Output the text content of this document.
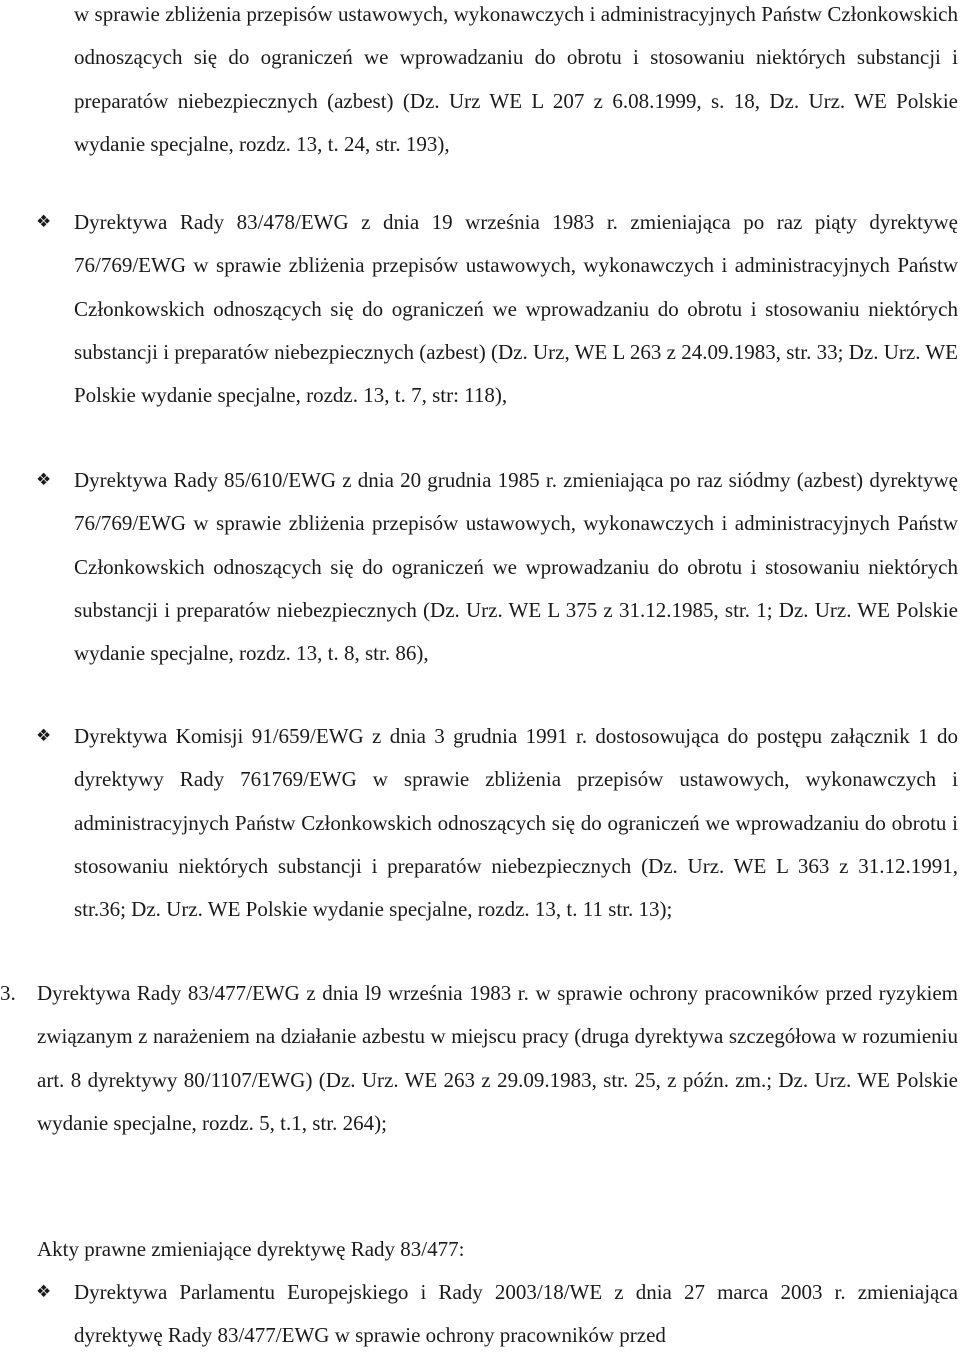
w sprawie zbliżenia przepisów ustawowych, wykonawczych i administracyjnych Państw Członkowskich odnoszących się do ograniczeń we wprowadzaniu do obrotu i stosowaniu niektórych substancji i preparatów niebezpiecznych (azbest) (Dz. Urz WE L 207 z 6.08.1999, s. 18, Dz. Urz. WE Polskie wydanie specjalne, rozdz. 13, t. 24, str. 193),
❖	Dyrektywa Rady 83/478/EWG z dnia 19 września 1983 r. zmieniająca po raz piąty dyrektywę 76/769/EWG w sprawie zbliżenia przepisów ustawowych, wykonawczych i administracyjnych Państw Członkowskich odnoszących się do ograniczeń we wprowadzaniu do obrotu i stosowaniu niektórych substancji i preparatów niebezpiecznych (azbest) (Dz. Urz, WE L 263 z 24.09.1983, str. 33; Dz. Urz. WE Polskie wydanie specjalne, rozdz. 13, t. 7, str: 118),
❖	Dyrektywa Rady 85/610/EWG z dnia 20 grudnia 1985 r. zmieniająca po raz siódmy (azbest) dyrektywę 76/769/EWG w sprawie zbliżenia przepisów ustawowych, wykonawczych i administracyjnych Państw Członkowskich odnoszących się do ograniczeń we wprowadzaniu do obrotu i stosowaniu niektórych substancji i preparatów niebezpiecznych (Dz. Urz. WE L 375 z 31.12.1985, str. 1; Dz. Urz. WE Polskie wydanie specjalne, rozdz. 13, t. 8, str. 86),
❖	Dyrektywa Komisji 91/659/EWG z dnia 3 grudnia 1991 r. dostosowująca do postępu załącznik 1 do dyrektywy Rady 761769/EWG w sprawie zbliżenia przepisów ustawowych, wykonawczych i administracyjnych Państw Członkowskich odnoszących się do ograniczeń we wprowadzaniu do obrotu i stosowaniu niektórych substancji i preparatów niebezpiecznych (Dz. Urz. WE L 363 z 31.12.1991, str.36; Dz. Urz. WE Polskie wydanie specjalne, rozdz. 13, t. 11 str. 13);
3. Dyrektywa Rady 83/477/EWG z dnia l9 września 1983 r. w sprawie ochrony pracowników przed ryzykiem związanym z narażeniem na działanie azbestu w miejscu pracy (druga dyrektywa szczegółowa w rozumieniu art. 8 dyrektywy 80/1107/EWG) (Dz. Urz. WE 263 z 29.09.1983, str. 25, z późn. zm.; Dz. Urz. WE Polskie wydanie specjalne, rozdz. 5, t.1, str. 264);
Akty prawne zmieniające dyrektywę Rady 83/477:
❖	Dyrektywa Parlamentu Europejskiego i Rady 2003/18/WE z dnia 27 marca 2003 r. zmieniająca dyrektywę Rady 83/477/EWG w sprawie ochrony pracowników przed
